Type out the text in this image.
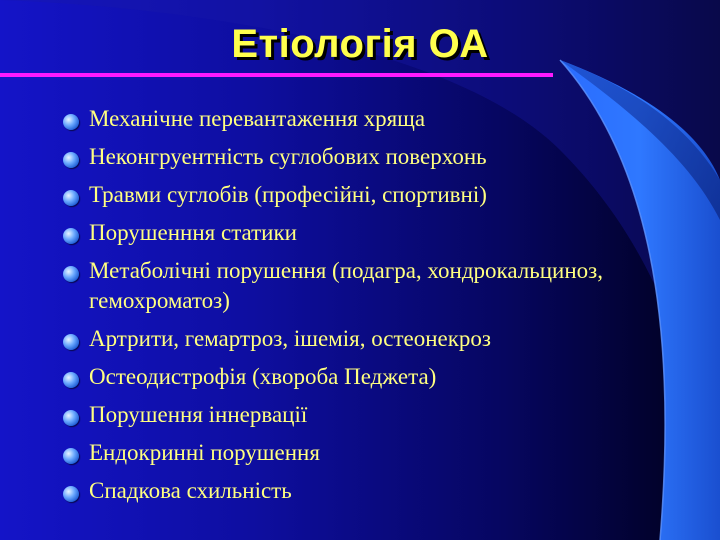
Етіологія ОА
Механічне перевантаження хряща
Неконгруентність суглобових поверхонь
Травми суглобів (професійні, спортивні)
Порушенння статики
Метаболічні порушення (подагра, хондрокальциноз, гемохроматоз)
Артрити, гемартроз, ішемія, остеонекроз
Остеодистрофія (хвороба Педжета)
Порушення іннервації
Ендокринні порушення
Спадкова схильність
